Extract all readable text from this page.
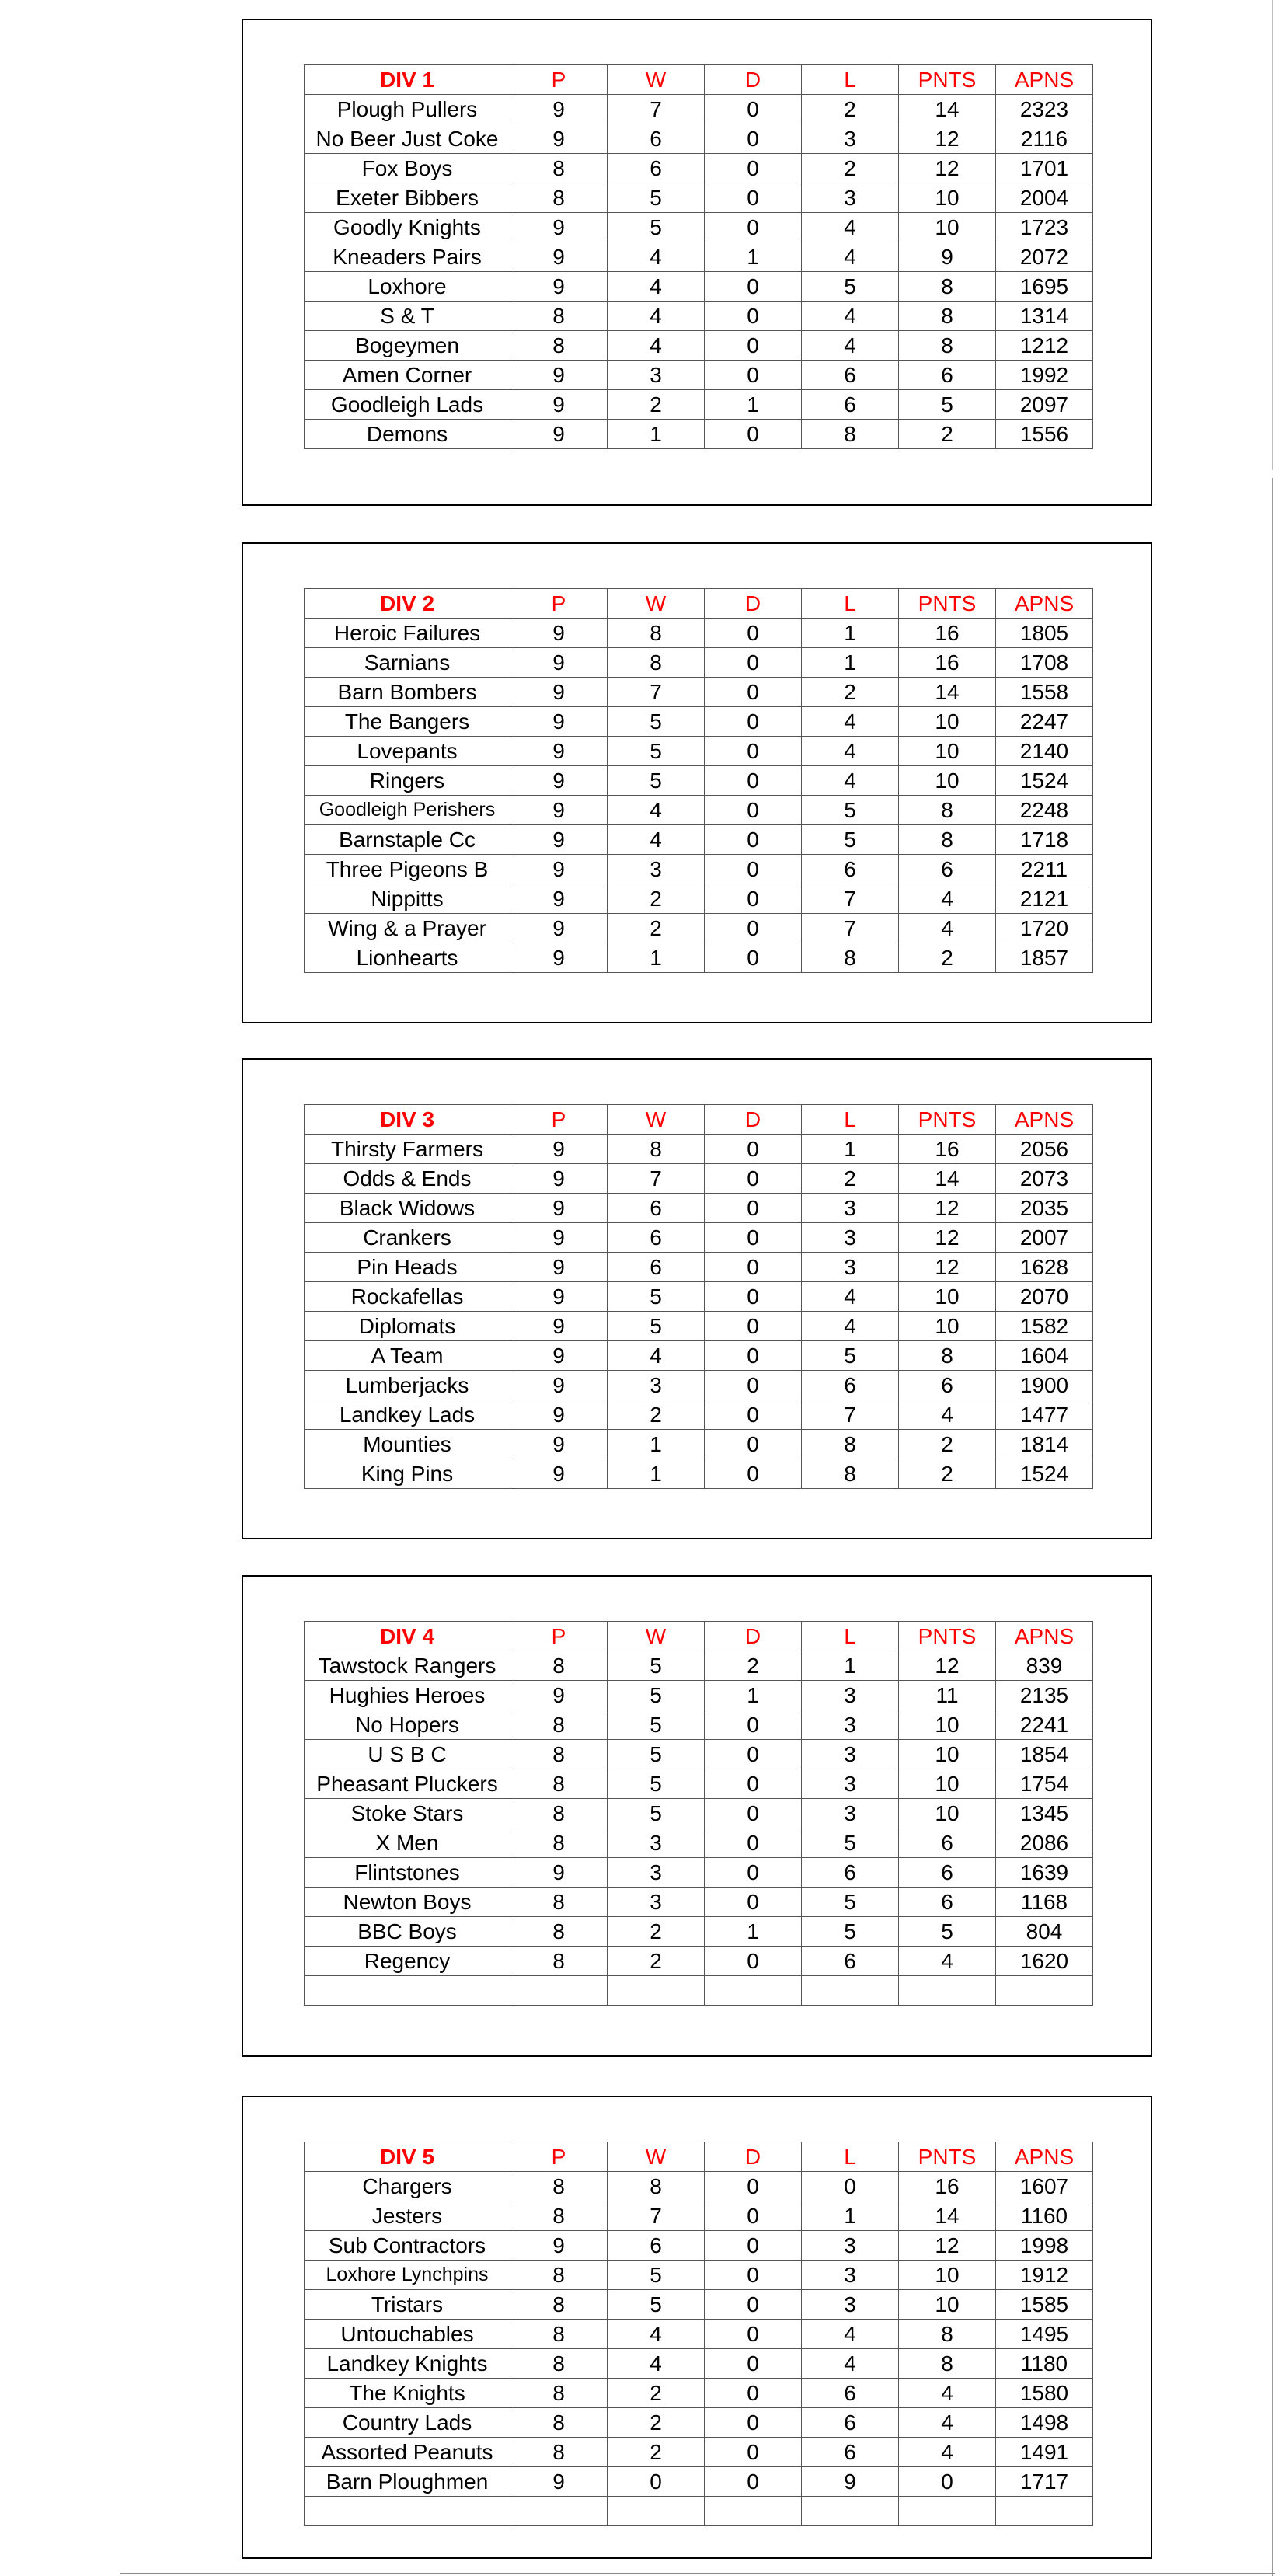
DIV 1	P	W	D	L	PNTS	APNS
Plough Pullers	9	7	0	2	14	2323
No Beer Just Coke	9	6	0	3	12	2116
Fox Boys	8	6	0	2	12	1701
Exeter Bibbers	8	5	0	3	10	2004
Goodly Knights	9	5	0	4	10	1723
Kneaders Pairs	9	4	1	4	9	2072
Loxhore	9	4	0	5	8	1695
S & T	8	4	0	4	8	1314
Bogeymen	8	4	0	4	8	1212
Amen Corner	9	3	0	6	6	1992
Goodleigh Lads	9	2	1	6	5	2097
Demons	9	1	0	8	2	1556
DIV 2	P	W	D	L	PNTS	APNS
Heroic Failures	9	8	0	1	16	1805
Sarnians	9	8	0	1	16	1708
Barn Bombers	9	7	0	2	14	1558
The Bangers	9	5	0	4	10	2247
Lovepants	9	5	0	4	10	2140
Ringers	9	5	0	4	10	1524
Goodleigh Perishers	9	4	0	5	8	2248
Barnstaple Cc	9	4	0	5	8	1718
Three Pigeons B	9	3	0	6	6	2211
Nippitts	9	2	0	7	4	2121
Wing & a Prayer	9	2	0	7	4	1720
Lionhearts	9	1	0	8	2	1857
DIV 3	P	W	D	L	PNTS	APNS
Thirsty Farmers	9	8	0	1	16	2056
Odds & Ends	9	7	0	2	14	2073
Black Widows	9	6	0	3	12	2035
Crankers	9	6	0	3	12	2007
Pin Heads	9	6	0	3	12	1628
Rockafellas	9	5	0	4	10	2070
Diplomats	9	5	0	4	10	1582
A Team	9	4	0	5	8	1604
Lumberjacks	9	3	0	6	6	1900
Landkey Lads	9	2	0	7	4	1477
Mounties	9	1	0	8	2	1814
King Pins	9	1	0	8	2	1524
DIV 4	P	W	D	L	PNTS	APNS
Tawstock Rangers	8	5	2	1	12	839
Hughies Heroes	9	5	1	3	11	2135
No Hopers	8	5	0	3	10	2241
U S B C	8	5	0	3	10	1854
Pheasant Pluckers	8	5	0	3	10	1754
Stoke Stars	8	5	0	3	10	1345
X Men	8	3	0	5	6	2086
Flintstones	9	3	0	6	6	1639
Newton Boys	8	3	0	5	6	1168
BBC Boys	8	2	1	5	5	804
Regency	8	2	0	6	4	1620

DIV 5	P	W	D	L	PNTS	APNS
Chargers	8	8	0	0	16	1607
Jesters	8	7	0	1	14	1160
Sub Contractors	9	6	0	3	12	1998
Loxhore Lynchpins	8	5	0	3	10	1912
Tristars	8	5	0	3	10	1585
Untouchables	8	4	0	4	8	1495
Landkey Knights	8	4	0	4	8	1180
The Knights	8	2	0	6	4	1580
Country Lads	8	2	0	6	4	1498
Assorted Peanuts	8	2	0	6	4	1491
Barn Ploughmen	9	0	0	9	0	1717
